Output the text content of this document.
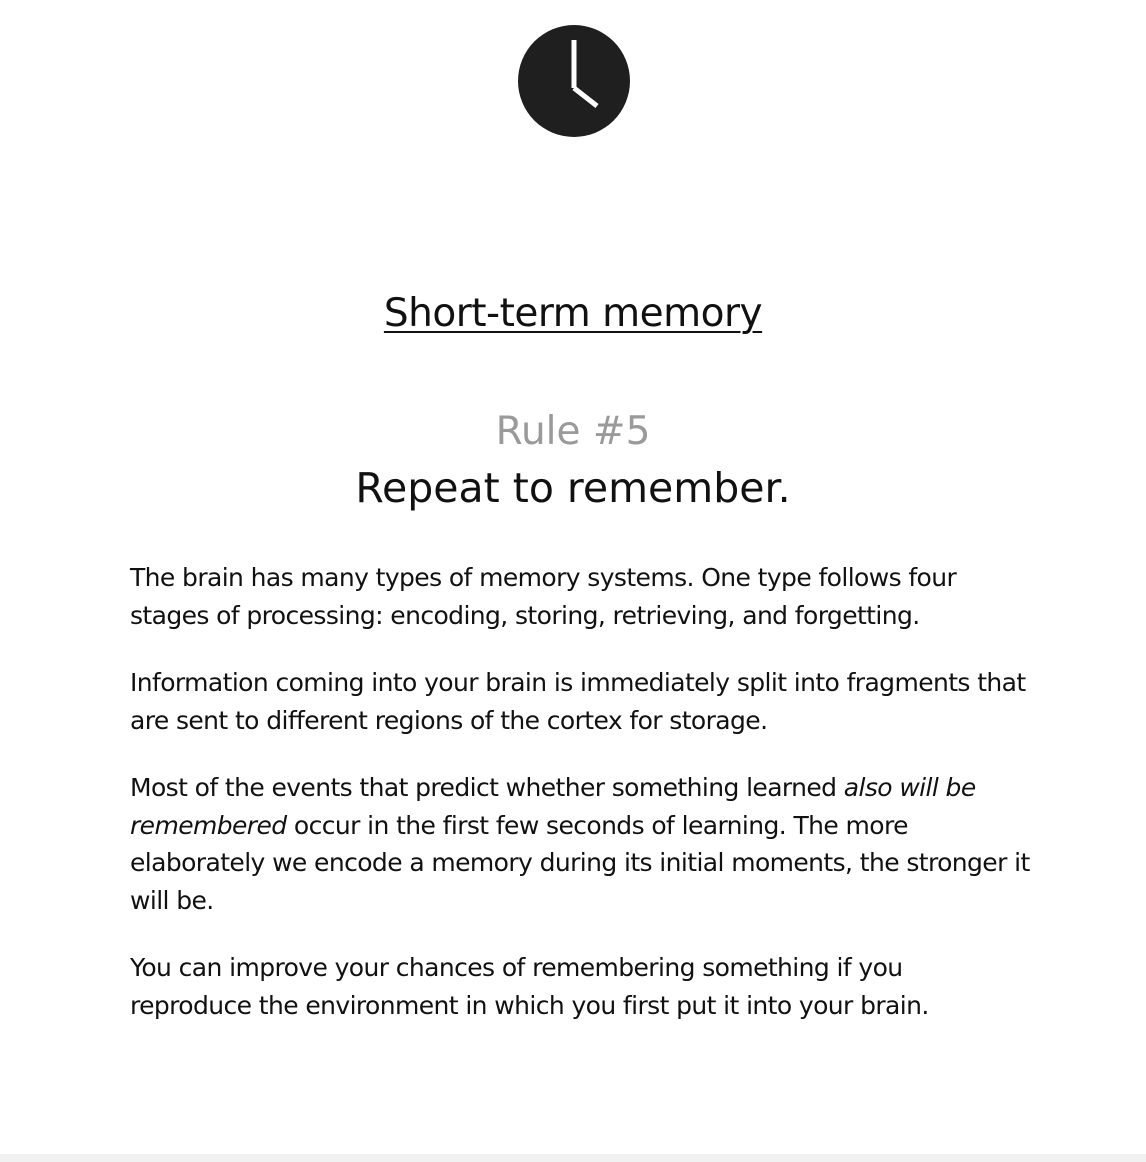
Short-term memory
Rule #5
Repeat to remember.

The brain has many types of memory systems. One type follows four stages of processing: encoding, storing, retrieving, and forgetting.

Information coming into your brain is immediately split into fragments that are sent to different regions of the cortex for storage.

Most of the events that predict whether something learned also will be remembered occur in the first few seconds of learning. The more elaborately we encode a memory during its initial moments, the stronger it will be.

You can improve your chances of remembering something if you reproduce the environment in which you first put it into your brain.
